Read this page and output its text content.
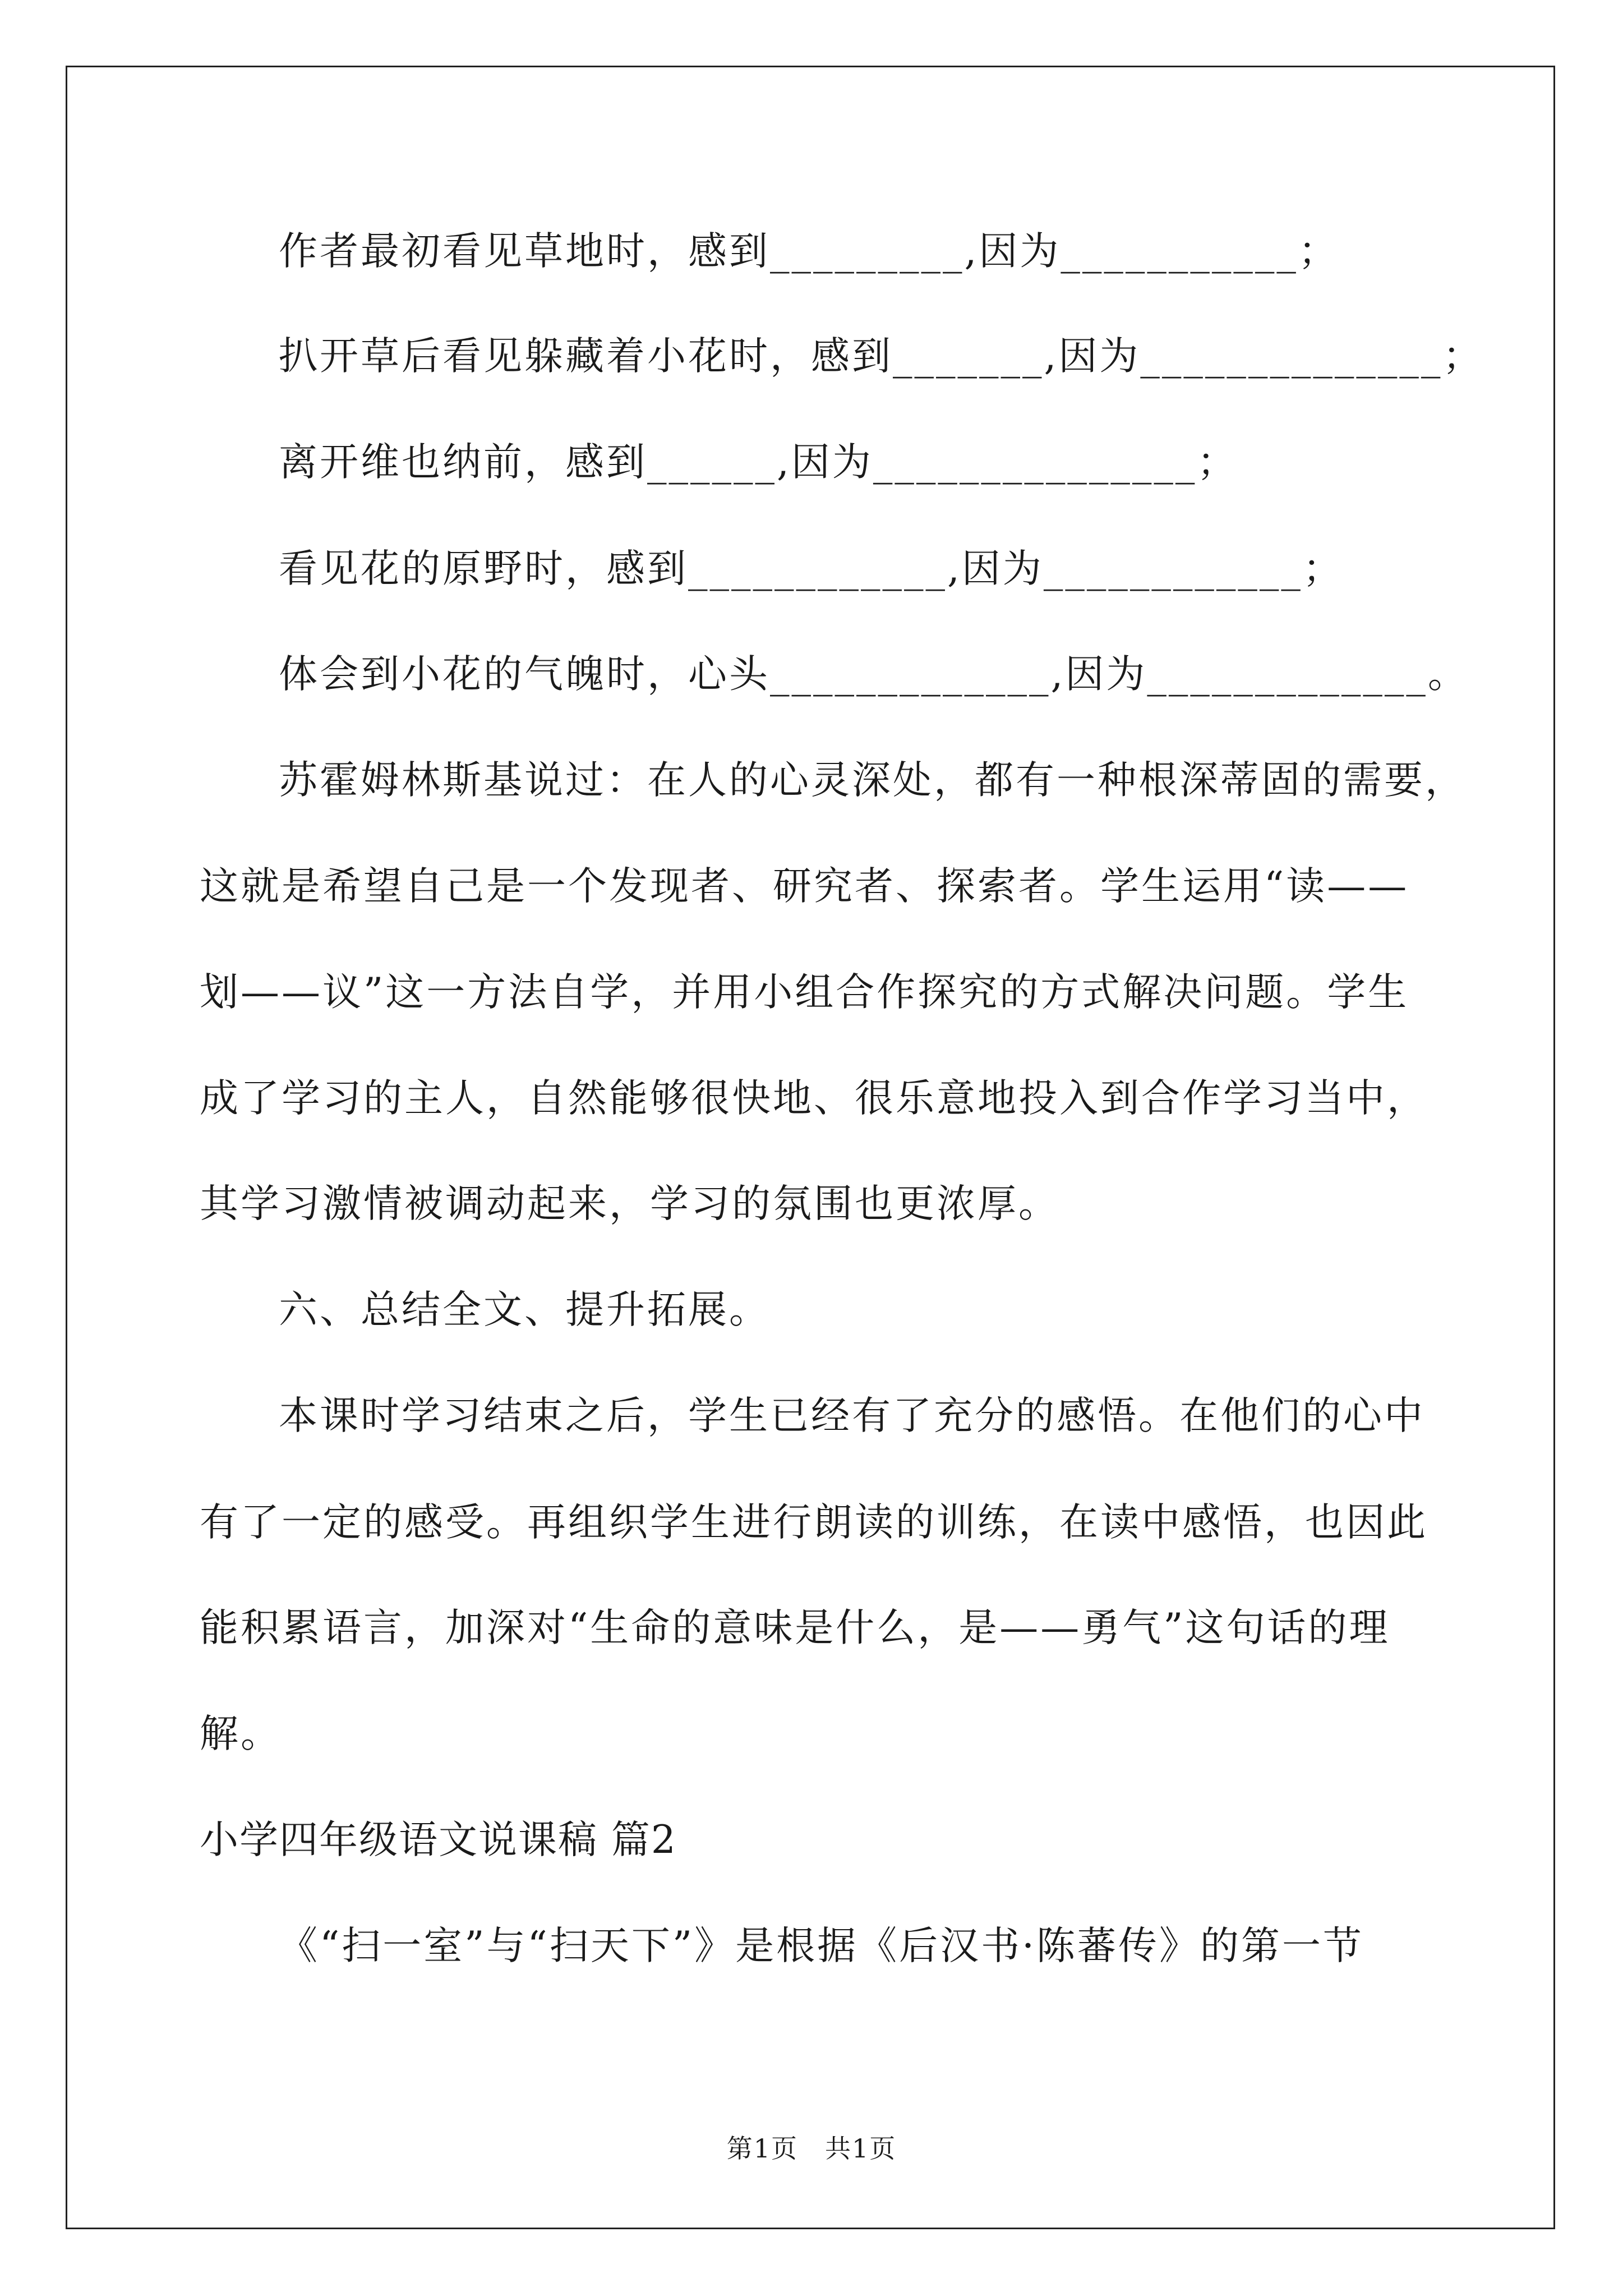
作者最初看见草地时，感到_________,因为___________；
扒开草后看见躲藏着小花时，感到_______,因为______________；
离开维也纳前，感到______,因为_______________；
看见花的原野时，感到____________,因为____________；
体会到小花的气魄时，心头_____________,因为_____________。
苏霍姆林斯基说过：在人的心灵深处，都有一种根深蒂固的需要，
这就是希望自己是一个发现者、研究者、探索者。学生运用“读——
划——议”这一方法自学，并用小组合作探究的方式解决问题。学生
成了学习的主人，自然能够很快地、很乐意地投入到合作学习当中，
其学习激情被调动起来，学习的氛围也更浓厚。
六、总结全文、提升拓展。
本课时学习结束之后，学生已经有了充分的感悟。在他们的心中
有了一定的感受。再组织学生进行朗读的训练，在读中感悟，也因此
能积累语言，加深对“生命的意味是什么，是——勇气”这句话的理
解。
小学四年级语文说课稿 篇2
《“扫一室”与“扫天下”》是根据《后汉书·陈蕃传》的第一节
第1页　共1页
